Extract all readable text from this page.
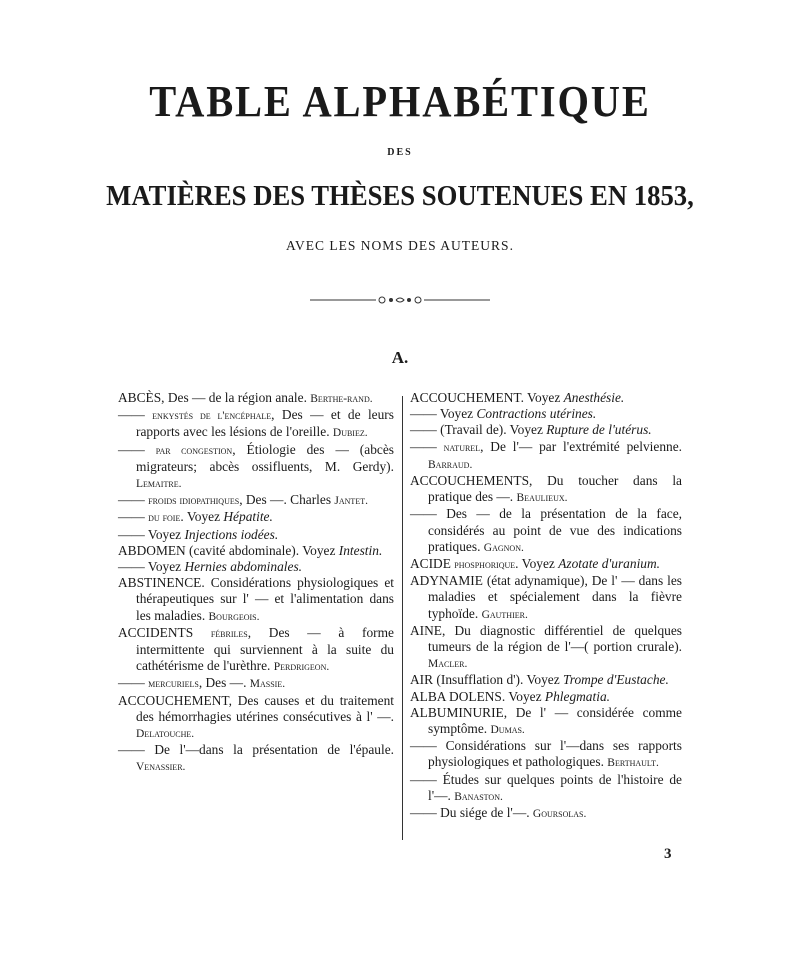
TABLE ALPHABÉTIQUE
DES
MATIÈRES DES THÈSES SOUTENUES EN 1853,
AVEC LES NOMS DES AUTEURS.
A.

ABCÈS, Des — de la région anale. Berthe-rand.

—— enkystés de l'encéphale, Des — et de leurs rapports avec les lésions de l'oreille. Dubiez.

—— par congestion, Étiologie des — (abcès migrateurs; abcès ossifluents, M. Gerdy). Lemaitre.

—— froids idiopathiques, Des —. Charles Jantet.

—— du foie. Voyez Hépatite.

—— Voyez Injections iodées.

ABDOMEN (cavité abdominale). Voyez Intestin.

—— Voyez Hernies abdominales.

ABSTINENCE. Considérations physiologiques et thérapeutiques sur l' — et l'alimentation dans les maladies. Bourgeois.

ACCIDENTS fébriles, Des — à forme intermittente qui surviennent à la suite du cathétérisme de l'urèthre. Perdrigeon.

—— mercuriels, Des —. Massie.

ACCOUCHEMENT, Des causes et du traitement des hémorrhagies utérines consécutives à l' —. Delatouche.

—— De l'—dans la présentation de l'épaule. Venassier.

ACCOUCHEMENT. Voyez Anesthésie.

—— Voyez Contractions utérines.

—— (Travail de). Voyez Rupture de l'utérus.

—— naturel, De l'— par l'extrémité pelvienne. Barraud.

ACCOUCHEMENTS, Du toucher dans la pratique des —. Beaulieux.

—— Des — de la présentation de la face, considérés au point de vue des indications pratiques. Gagnon.

ACIDE phosphorique. Voyez Azotate d'uranium.

ADYNAMIE (état adynamique), De l' — dans les maladies et spécialement dans la fièvre typhoïde. Gauthier.

AINE, Du diagnostic différentiel de quelques tumeurs de la région de l'—( portion crurale). Macler.

AIR (Insufflation d'). Voyez Trompe d'Eustache.

ALBA DOLENS. Voyez Phlegmatia.

ALBUMINURIE, De l' — considérée comme symptôme. Dumas.

—— Considérations sur l'—dans ses rapports physiologiques et pathologiques. Berthault.

—— Études sur quelques points de l'histoire de l'—. Banaston.

—— Du siége de l'—. Goursolas.

3
